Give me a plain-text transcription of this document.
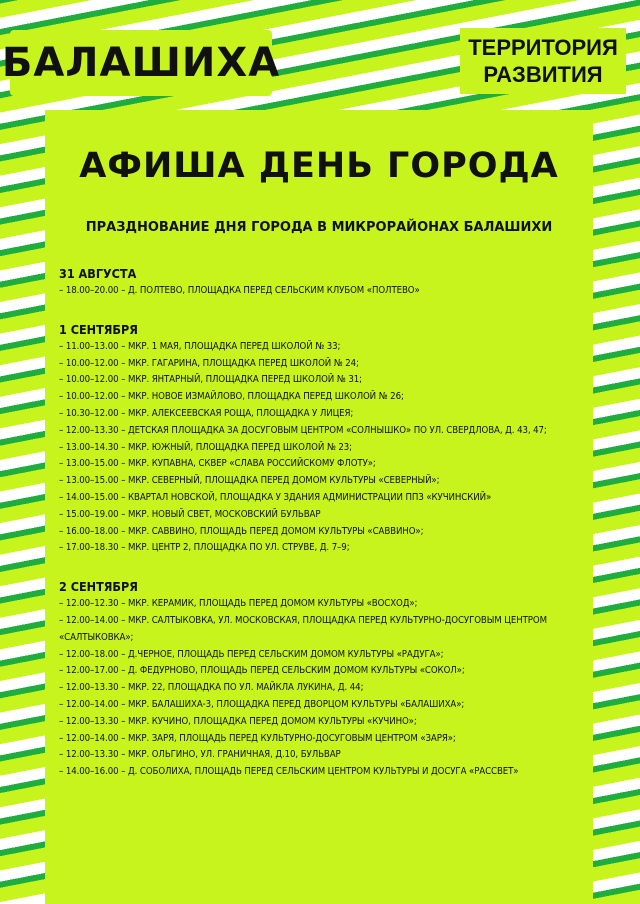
БАЛАШИХА	ТЕРРИТОРИЯ
РАЗВИТИЯ
АФИША ДЕНЬ ГОРОДА
ПРАЗДНОВАНИЕ ДНЯ ГОРОДА В МИКРОРАЙОНАХ БАЛАШИХИ
31 АВГУСТА
– 18.00–20.00 – Д. ПОЛТЕВО, ПЛОЩАДКА ПЕРЕД СЕЛЬСКИМ КЛУБОМ «ПОЛТЕВО»
1 СЕНТЯБРЯ
– 11.00–13.00 – МКР. 1 МАЯ, ПЛОЩАДКА ПЕРЕД ШКОЛОЙ № 33;
– 10.00–12.00 – МКР. ГАГАРИНА, ПЛОЩАДКА ПЕРЕД ШКОЛОЙ № 24;
– 10.00–12.00 – МКР. ЯНТАРНЫЙ, ПЛОЩАДКА ПЕРЕД ШКОЛОЙ № 31;
– 10.00–12.00 – МКР. НОВОЕ ИЗМАЙЛОВО, ПЛОЩАДКА ПЕРЕД ШКОЛОЙ № 26;
– 10.30–12.00 – МКР. АЛЕКСЕЕВСКАЯ РОЩА, ПЛОЩАДКА У ЛИЦЕЯ;
– 12.00–13.30 – ДЕТСКАЯ ПЛОЩАДКА ЗА ДОСУГОВЫМ ЦЕНТРОМ «СОЛНЫШКО» ПО УЛ. СВЕРДЛОВА, Д. 43, 47;
– 13.00–14.30 – МКР. ЮЖНЫЙ, ПЛОЩАДКА ПЕРЕД ШКОЛОЙ № 23;
– 13.00–15.00 – МКР. КУПАВНА, СКВЕР «СЛАВА РОССИЙСКОМУ ФЛОТУ»;
– 13.00–15.00 – МКР. СЕВЕРНЫЙ, ПЛОЩАДКА ПЕРЕД ДОМОМ КУЛЬТУРЫ «СЕВЕРНЫЙ»;
– 14.00–15.00 – КВАРТАЛ НОВСКОЙ, ПЛОЩАДКА У ЗДАНИЯ АДМИНИСТРАЦИИ ППЗ «КУЧИНСКИЙ»
– 15.00–19.00 – МКР. НОВЫЙ СВЕТ, МОСКОВСКИЙ БУЛЬВАР
– 16.00–18.00 – МКР. САВВИНО, ПЛОЩАДЬ ПЕРЕД ДОМОМ КУЛЬТУРЫ «САВВИНО»;
– 17.00–18.30 – МКР. ЦЕНТР 2, ПЛОЩАДКА ПО УЛ. СТРУВЕ, Д. 7–9;
2 СЕНТЯБРЯ
– 12.00–12.30 – МКР. КЕРАМИК, ПЛОЩАДЬ ПЕРЕД ДОМОМ КУЛЬТУРЫ «ВОСХОД»;
– 12.00–14.00 – МКР. САЛТЫКОВКА, УЛ. МОСКОВСКАЯ, ПЛОЩАДКА ПЕРЕД КУЛЬТУРНО-ДОСУГОВЫМ ЦЕНТРОМ «САЛТЫКОВКА»;
– 12.00–18.00 – Д.ЧЕРНОЕ, ПЛОЩАДЬ ПЕРЕД СЕЛЬСКИМ ДОМОМ КУЛЬТУРЫ «РАДУГА»;
– 12.00–17.00 – Д. ФЕДУРНОВО, ПЛОЩАДЬ ПЕРЕД СЕЛЬСКИМ ДОМОМ КУЛЬТУРЫ «СОКОЛ»;
– 12.00–13.30 – МКР. 22, ПЛОЩАДКА ПО УЛ. МАЙКЛА ЛУКИНА, Д. 44;
– 12.00–14.00 – МКР. БАЛАШИХА-3, ПЛОЩАДКА ПЕРЕД ДВОРЦОМ КУЛЬТУРЫ «БАЛАШИХА»;
– 12.00–13.30 – МКР. КУЧИНО, ПЛОЩАДКА ПЕРЕД ДОМОМ КУЛЬТУРЫ «КУЧИНО»;
– 12.00–14.00 – МКР. ЗАРЯ, ПЛОЩАДЬ ПЕРЕД КУЛЬТУРНО-ДОСУГОВЫМ ЦЕНТРОМ «ЗАРЯ»;
– 12.00–13.30 – МКР. ОЛЬГИНО, УЛ. ГРАНИЧНАЯ, Д.10, БУЛЬВАР
– 14.00–16.00 – Д. СОБОЛИХА, ПЛОЩАДЬ ПЕРЕД СЕЛЬСКИМ ЦЕНТРОМ КУЛЬТУРЫ И ДОСУГА «РАССВЕТ»
